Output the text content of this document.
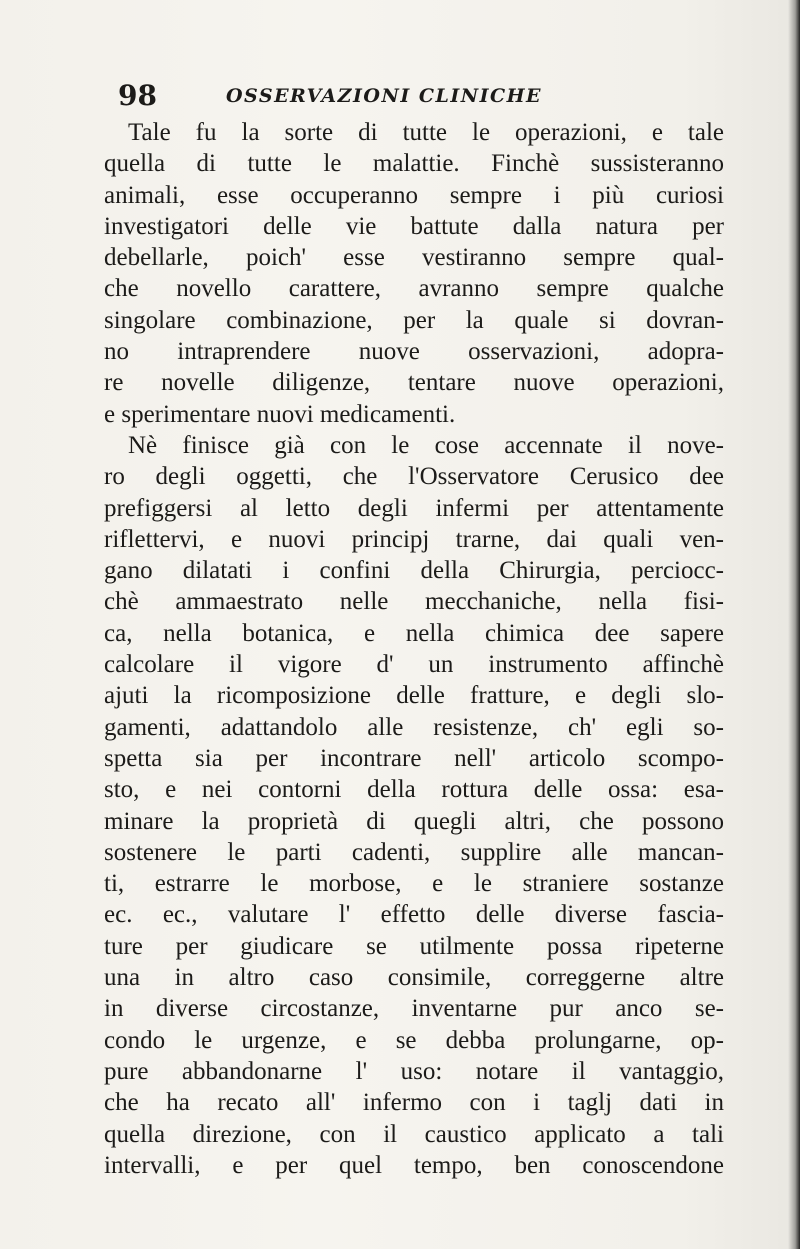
98	OSSERVAZIONI CLINICHE
Tale fu la sorte di tutte le operazioni, e tale
quella di tutte le malattie. Finchè sussisteranno
animali, esse occuperanno sempre i più curiosi
investigatori delle vie battute dalla natura per
debellarle, poich' esse vestiranno sempre qual-
che novello carattere, avranno sempre qualche
singolare combinazione, per la quale si dovran-
no intraprendere nuove osservazioni, adopra-
re novelle diligenze, tentare nuove operazioni,
e sperimentare nuovi medicamenti.
Nè finisce già con le cose accennate il nove-
ro degli oggetti, che l'Osservatore Cerusico dee
prefiggersi al letto degli infermi per attentamente
riflettervi, e nuovi principj trarne, dai quali ven-
gano dilatati i confini della Chirurgia, perciocc-
chè ammaestrato nelle mecchaniche, nella fisi-
ca, nella botanica, e nella chimica dee sapere
calcolare il vigore d' un instrumento affinchè
ajuti la ricomposizione delle fratture, e degli slo-
gamenti, adattandolo alle resistenze, ch' egli so-
spetta sia per incontrare nell' articolo scompo-
sto, e nei contorni della rottura delle ossa: esa-
minare la proprietà di quegli altri, che possono
sostenere le parti cadenti, supplire alle mancan-
ti, estrarre le morbose, e le straniere sostanze
ec. ec., valutare l' effetto delle diverse fascia-
ture per giudicare se utilmente possa ripeterne
una in altro caso consimile, correggerne altre
in diverse circostanze, inventarne pur anco se-
condo le urgenze, e se debba prolungarne, op-
pure abbandonarne l' uso: notare il vantaggio,
che ha recato all' infermo con i taglj dati in
quella direzione, con il caustico applicato a tali
intervalli, e per quel tempo, ben conoscendone
